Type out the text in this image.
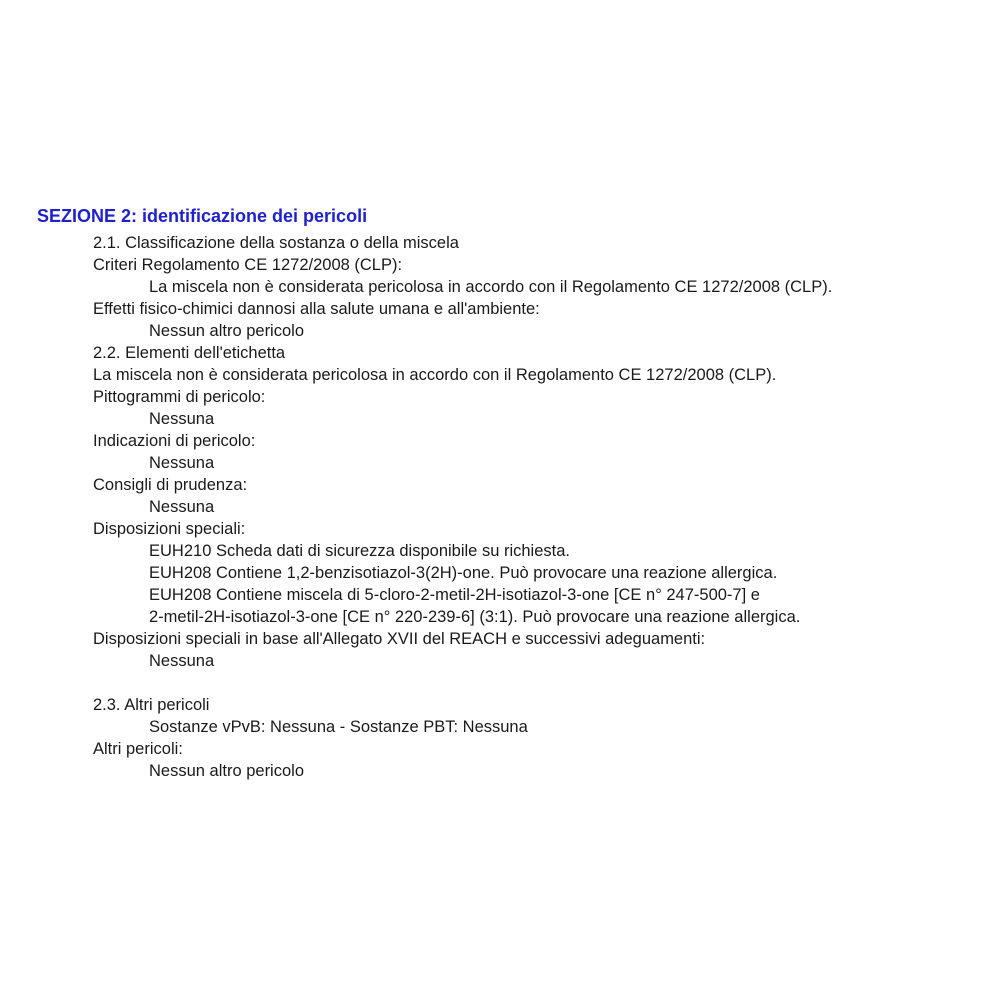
SEZIONE 2: identificazione dei pericoli

2.1. Classificazione della sostanza o della miscela

Criteri Regolamento CE 1272/2008 (CLP):

La miscela non è considerata pericolosa in accordo con il Regolamento CE 1272/2008 (CLP).

Effetti fisico-chimici dannosi alla salute umana e all'ambiente:

Nessun altro pericolo

2.2. Elementi dell'etichetta

La miscela non è considerata pericolosa in accordo con il Regolamento CE 1272/2008 (CLP).

Pittogrammi di pericolo:

Nessuna

Indicazioni di pericolo:

Nessuna

Consigli di prudenza:

Nessuna

Disposizioni speciali:

EUH210 Scheda dati di sicurezza disponibile su richiesta.

EUH208 Contiene 1,2-benzisotiazol-3(2H)-one. Può provocare una reazione allergica.

EUH208 Contiene miscela di 5-cloro-2-metil-2H-isotiazol-3-one [CE n° 247-500-7] e

2-metil-2H-isotiazol-3-one [CE n° 220-239-6] (3:1). Può provocare una reazione allergica.

Disposizioni speciali in base all'Allegato XVII del REACH e successivi adeguamenti:

Nessuna

2.3. Altri pericoli

Sostanze vPvB: Nessuna - Sostanze PBT: Nessuna

Altri pericoli:

Nessun altro pericolo
